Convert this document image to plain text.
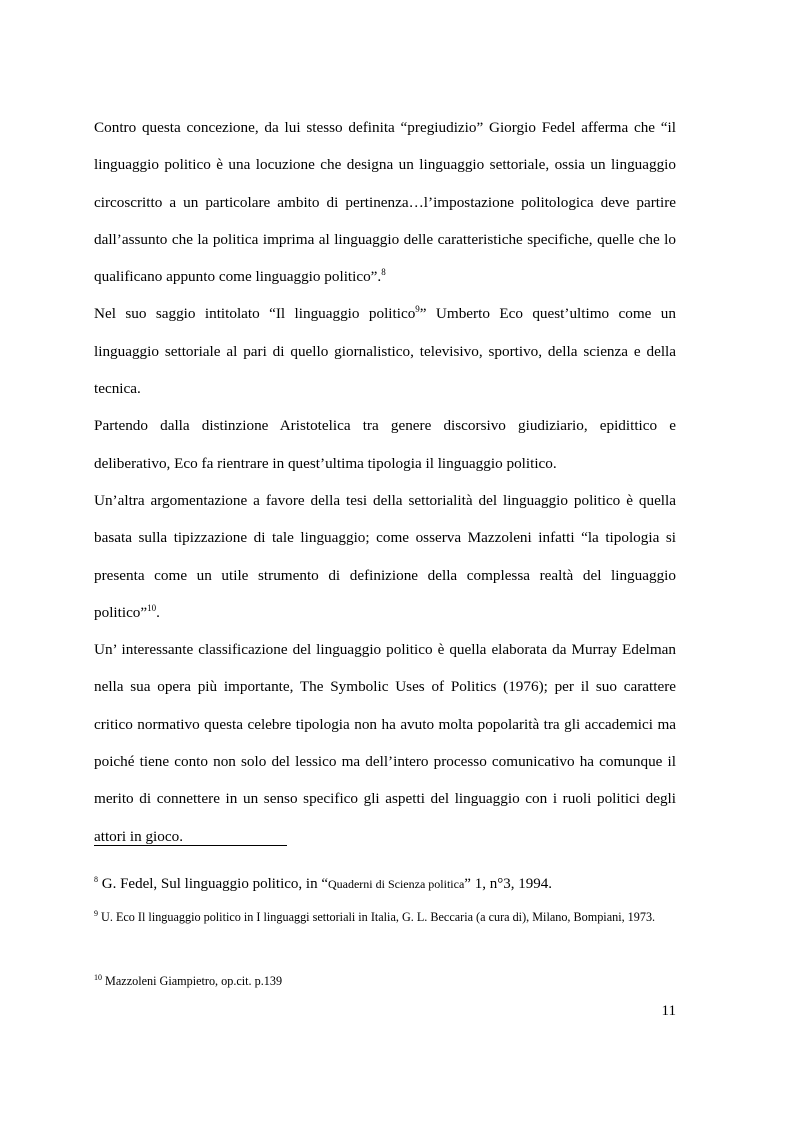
Contro questa concezione, da lui stesso definita “pregiudizio” Giorgio Fedel afferma che “il linguaggio politico è una locuzione che designa un linguaggio settoriale, ossia un linguaggio circoscritto a un particolare ambito di pertinenza…l’impostazione politologica deve partire dall’assunto che la politica imprima al linguaggio delle caratteristiche specifiche, quelle che lo qualificano appunto come linguaggio politico”.$^8$

Nel suo saggio intitolato “Il linguaggio politico$^9$” Umberto Eco quest’ultimo come un linguaggio settoriale al pari di quello giornalistico, televisivo, sportivo, della scienza e della tecnica.

Partendo dalla distinzione Aristotelica tra genere discorsivo giudiziario, epidittico e deliberativo, Eco fa rientrare in quest’ultima tipologia il linguaggio politico.

Un’altra argomentazione a favore della tesi della settorialità del linguaggio politico è quella basata sulla tipizzazione di tale linguaggio; come osserva Mazzoleni infatti “la tipologia si presenta come un utile strumento di definizione della complessa realtà del linguaggio politico”$^{10}$.

Un’ interessante classificazione del linguaggio politico è quella elaborata da Murray Edelman nella sua opera più importante, The Symbolic Uses of Politics (1976); per il suo carattere critico normativo questa celebre tipologia non ha avuto molta popolarità tra gli accademici ma poiché tiene conto non solo del lessico ma dell’intero processo comunicativo ha comunque il merito di connettere in un senso specifico gli aspetti del linguaggio con i ruoli politici degli attori in gioco.

$^8$ G. Fedel, Sul linguaggio politico, in “Quaderni di Scienza politica” 1, n°3, 1994.
$^9$ U. Eco Il linguaggio politico in I linguaggi settoriali in Italia, G. L. Beccaria (a cura di), Milano, Bompiani, 1973.
$^{10}$ Mazzoleni Giampietro, op.cit. p.139
11
